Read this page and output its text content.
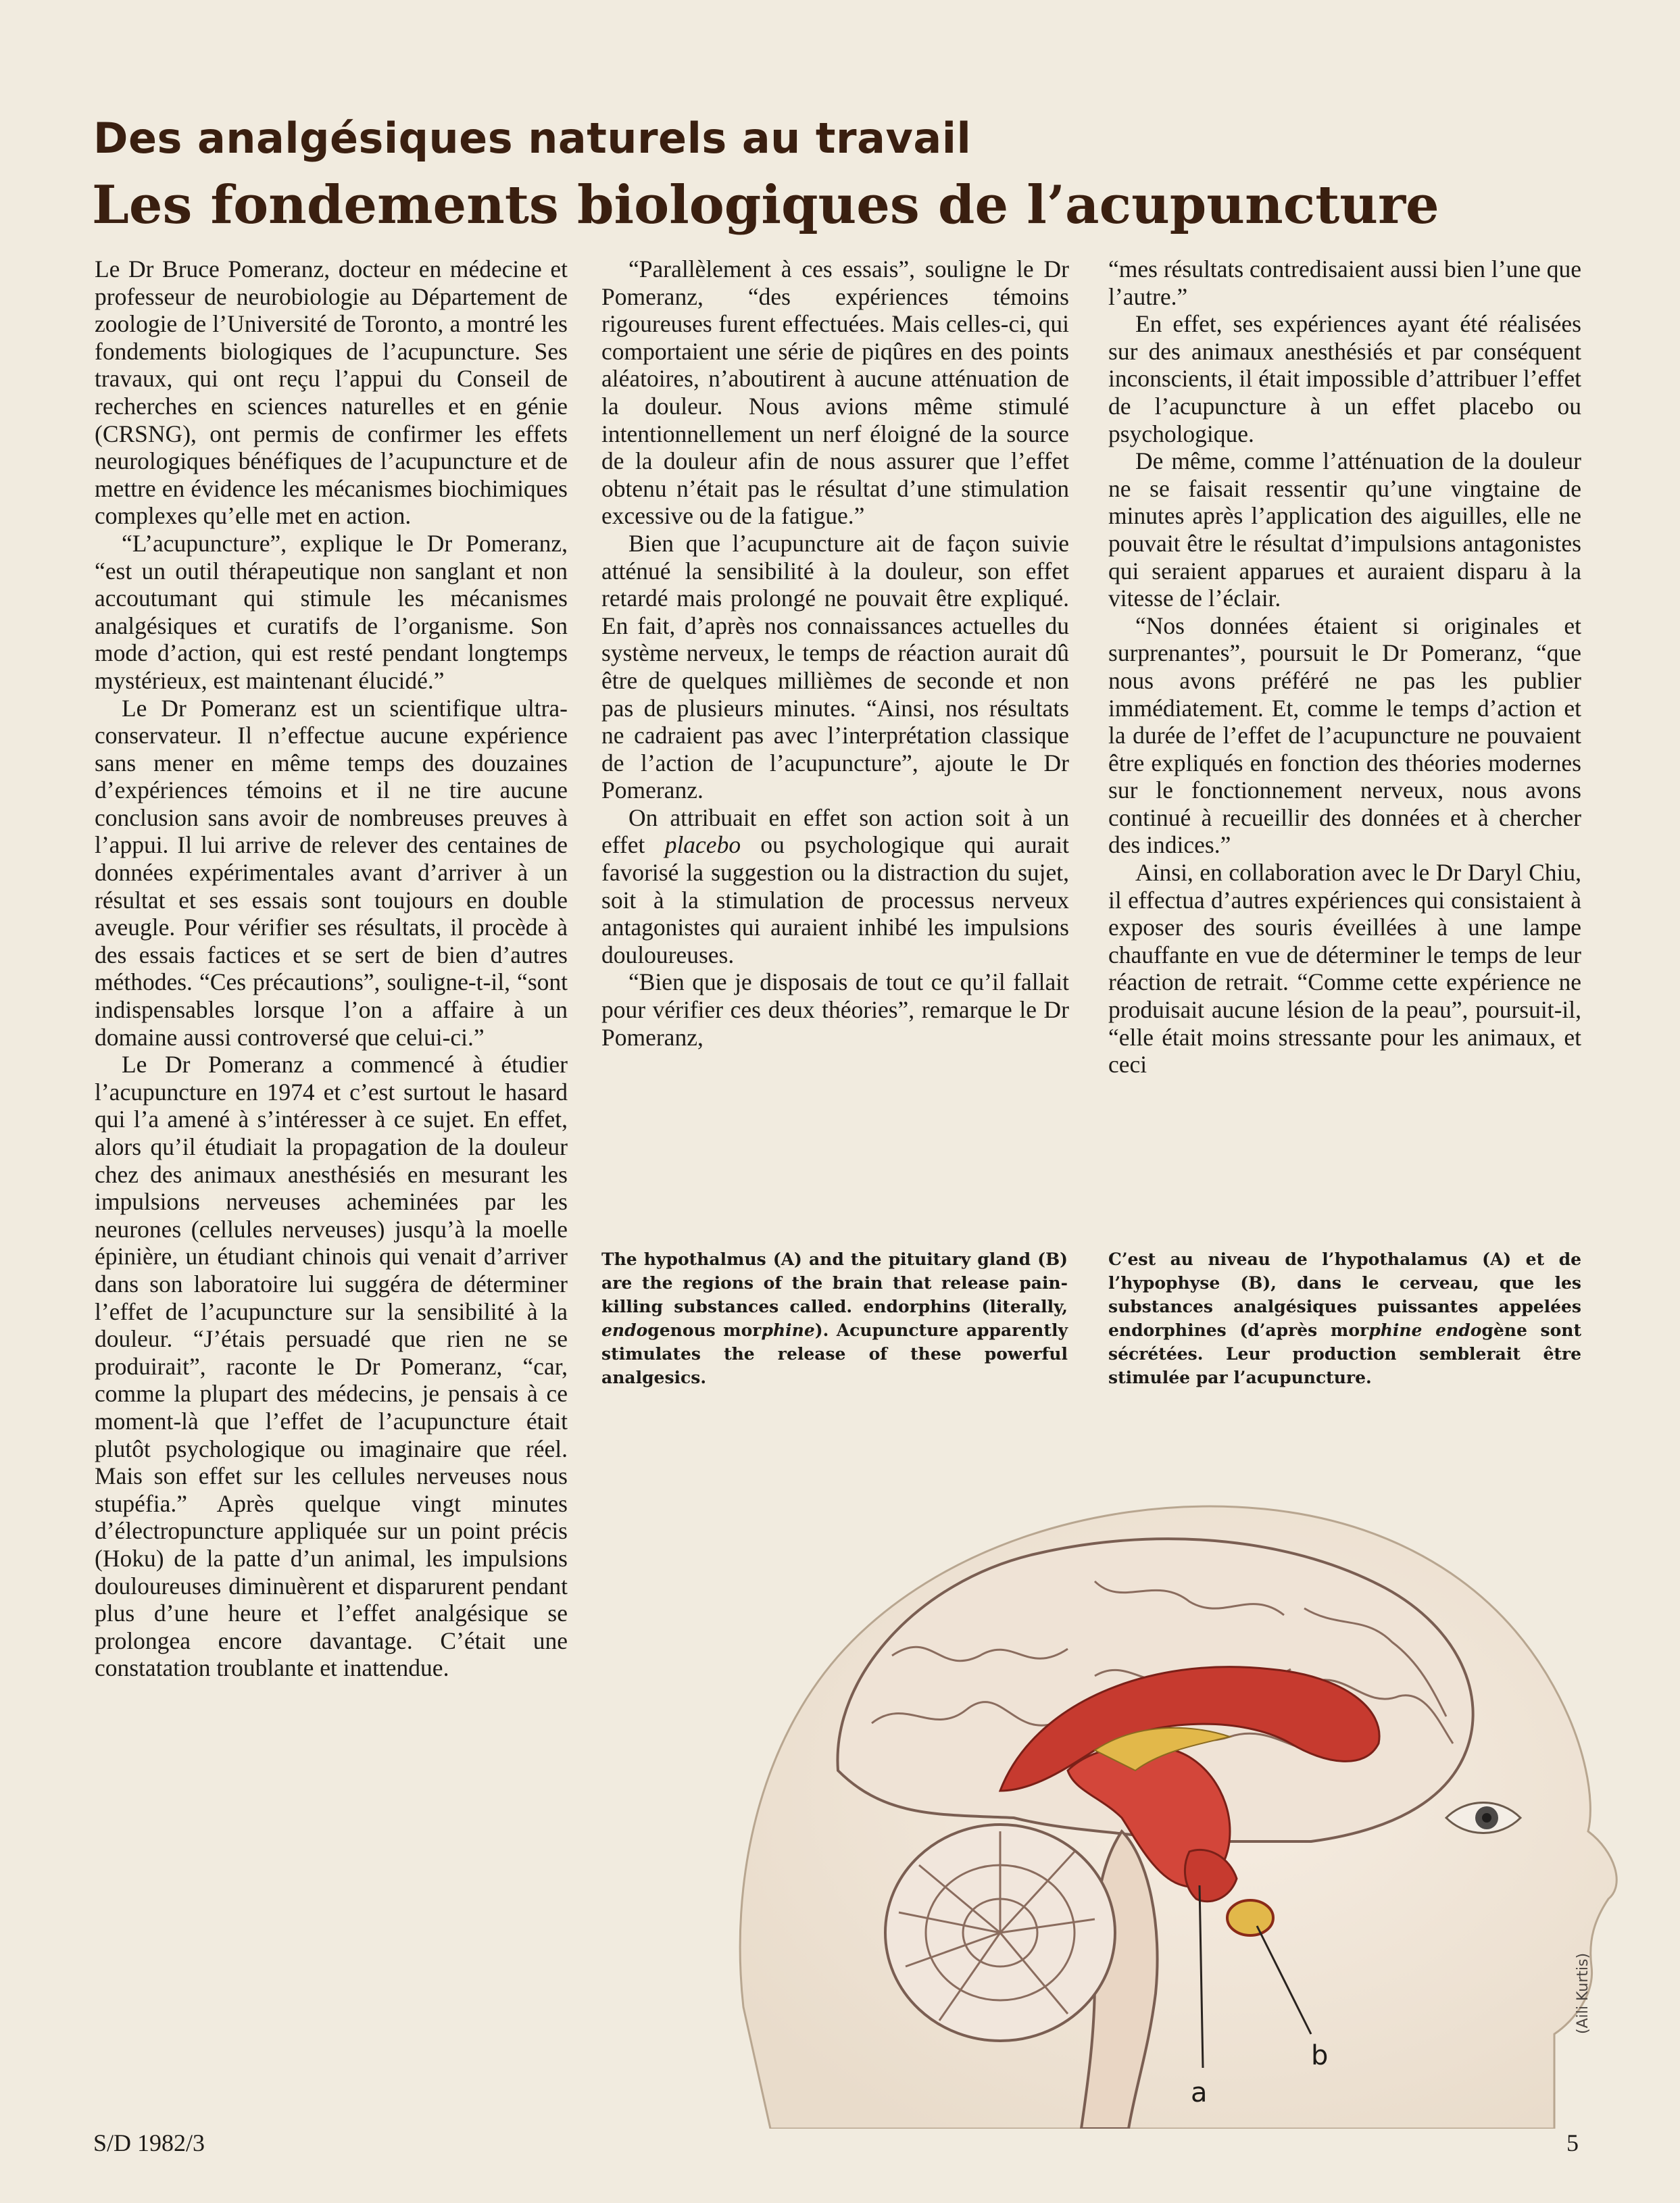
Des analgésiques naturels au travail
Les fondements biologiques de l’acupuncture

Le Dr Bruce Pomeranz, docteur en médecine et professeur de neurobiologie au Département de zoologie de l’Université de Toronto, a montré les fondements biologiques de l’acupuncture. Ses travaux, qui ont reçu l’appui du Conseil de recherches en sciences naturelles et en génie (CRSNG), ont permis de confirmer les effets neurologiques bénéfiques de l’acupuncture et de mettre en évidence les mécanismes biochimiques complexes qu’elle met en action.

“L’acupuncture”, explique le Dr Pomeranz, “est un outil thérapeutique non sanglant et non accoutumant qui stimule les mécanismes analgésiques et curatifs de l’organisme. Son mode d’action, qui est resté pendant longtemps mystérieux, est maintenant élucidé.”

Le Dr Pomeranz est un scientifique ultra-conservateur. Il n’effectue aucune expérience sans mener en même temps des douzaines d’expériences témoins et il ne tire aucune conclusion sans avoir de nombreuses preuves à l’appui. Il lui arrive de relever des centaines de données expérimentales avant d’arriver à un résultat et ses essais sont toujours en double aveugle. Pour vérifier ses résultats, il procède à des essais factices et se sert de bien d’autres méthodes. “Ces précautions”, souligne-t-il, “sont indispensables lorsque l’on a affaire à un domaine aussi controversé que celui-ci.”

Le Dr Pomeranz a commencé à étudier l’acupuncture en 1974 et c’est surtout le hasard qui l’a amené à s’intéresser à ce sujet. En effet, alors qu’il étudiait la propagation de la douleur chez des animaux anesthésiés en mesurant les impulsions nerveuses acheminées par les neurones (cellules nerveuses) jusqu’à la moelle épinière, un étudiant chinois qui venait d’arriver dans son laboratoire lui suggéra de déterminer l’effet de l’acupuncture sur la sensibilité à la douleur. “J’étais persuadé que rien ne se produirait”, raconte le Dr Pomeranz, “car, comme la plupart des médecins, je pensais à ce moment-là que l’effet de l’acupuncture était plutôt psychologique ou imaginaire que réel. Mais son effet sur les cellules nerveuses nous stupéfia.” Après quelque vingt minutes d’électropuncture appliquée sur un point précis (Hoku) de la patte d’un animal, les impulsions douloureuses diminuèrent et disparurent pendant plus d’une heure et l’effet analgésique se prolongea encore davantage. C’était une constatation troublante et inattendue.

“Parallèlement à ces essais”, souligne le Dr Pomeranz, “des expériences témoins rigoureuses furent effectuées. Mais celles-ci, qui comportaient une série de piqûres en des points aléatoires, n’aboutirent à aucune atténuation de la douleur. Nous avions même stimulé intentionnellement un nerf éloigné de la source de la douleur afin de nous assurer que l’effet obtenu n’était pas le résultat d’une stimulation excessive ou de la fatigue.”

Bien que l’acupuncture ait de façon suivie atténué la sensibilité à la douleur, son effet retardé mais prolongé ne pouvait être expliqué. En fait, d’après nos connaissances actuelles du système nerveux, le temps de réaction aurait dû être de quelques millièmes de seconde et non pas de plusieurs minutes. “Ainsi, nos résultats ne cadraient pas avec l’interprétation classique de l’action de l’acupuncture”, ajoute le Dr Pomeranz.

On attribuait en effet son action soit à un effet placebo ou psychologique qui aurait favorisé la suggestion ou la distraction du sujet, soit à la stimulation de processus nerveux antagonistes qui auraient inhibé les impulsions douloureuses.

“Bien que je disposais de tout ce qu’il fallait pour vérifier ces deux théories”, remarque le Dr Pomeranz,

“mes résultats contredisaient aussi bien l’une que l’autre.”

En effet, ses expériences ayant été réalisées sur des animaux anesthésiés et par conséquent inconscients, il était impossible d’attribuer l’effet de l’acupuncture à un effet placebo ou psychologique.

De même, comme l’atténuation de la douleur ne se faisait ressentir qu’une vingtaine de minutes après l’application des aiguilles, elle ne pouvait être le résultat d’impulsions antagonistes qui seraient apparues et auraient disparu à la vitesse de l’éclair.

“Nos données étaient si originales et surprenantes”, poursuit le Dr Pomeranz, “que nous avons préféré ne pas les publier immédiatement. Et, comme le temps d’action et la durée de l’effet de l’acupuncture ne pouvaient être expliqués en fonction des théories modernes sur le fonctionnement nerveux, nous avons continué à recueillir des données et à chercher des indices.”

Ainsi, en collaboration avec le Dr Daryl Chiu, il effectua d’autres expériences qui consistaient à exposer des souris éveillées à une lampe chauffante en vue de déterminer le temps de leur réaction de retrait. “Comme cette expérience ne produisait aucune lésion de la peau”, poursuit-il, “elle était moins stressante pour les animaux, et ceci

The hypothalmus (A) and the pituitary gland (B) are the regions of the brain that release pain-killing substances called. endorphins (literally, endogenous morphine). Acupuncture apparently stimulates the release of these powerful analgesics.
C’est au niveau de l’hypothalamus (A) et de l’hypophyse (B), dans le cerveau, que les substances analgésiques puissantes appelées endorphines (d’après morphine endogène sont sécrétées. Leur production semblerait être stimulée par l’acupuncture.
a
b
(Aili Kurtis)
S/D 1982/3	5
